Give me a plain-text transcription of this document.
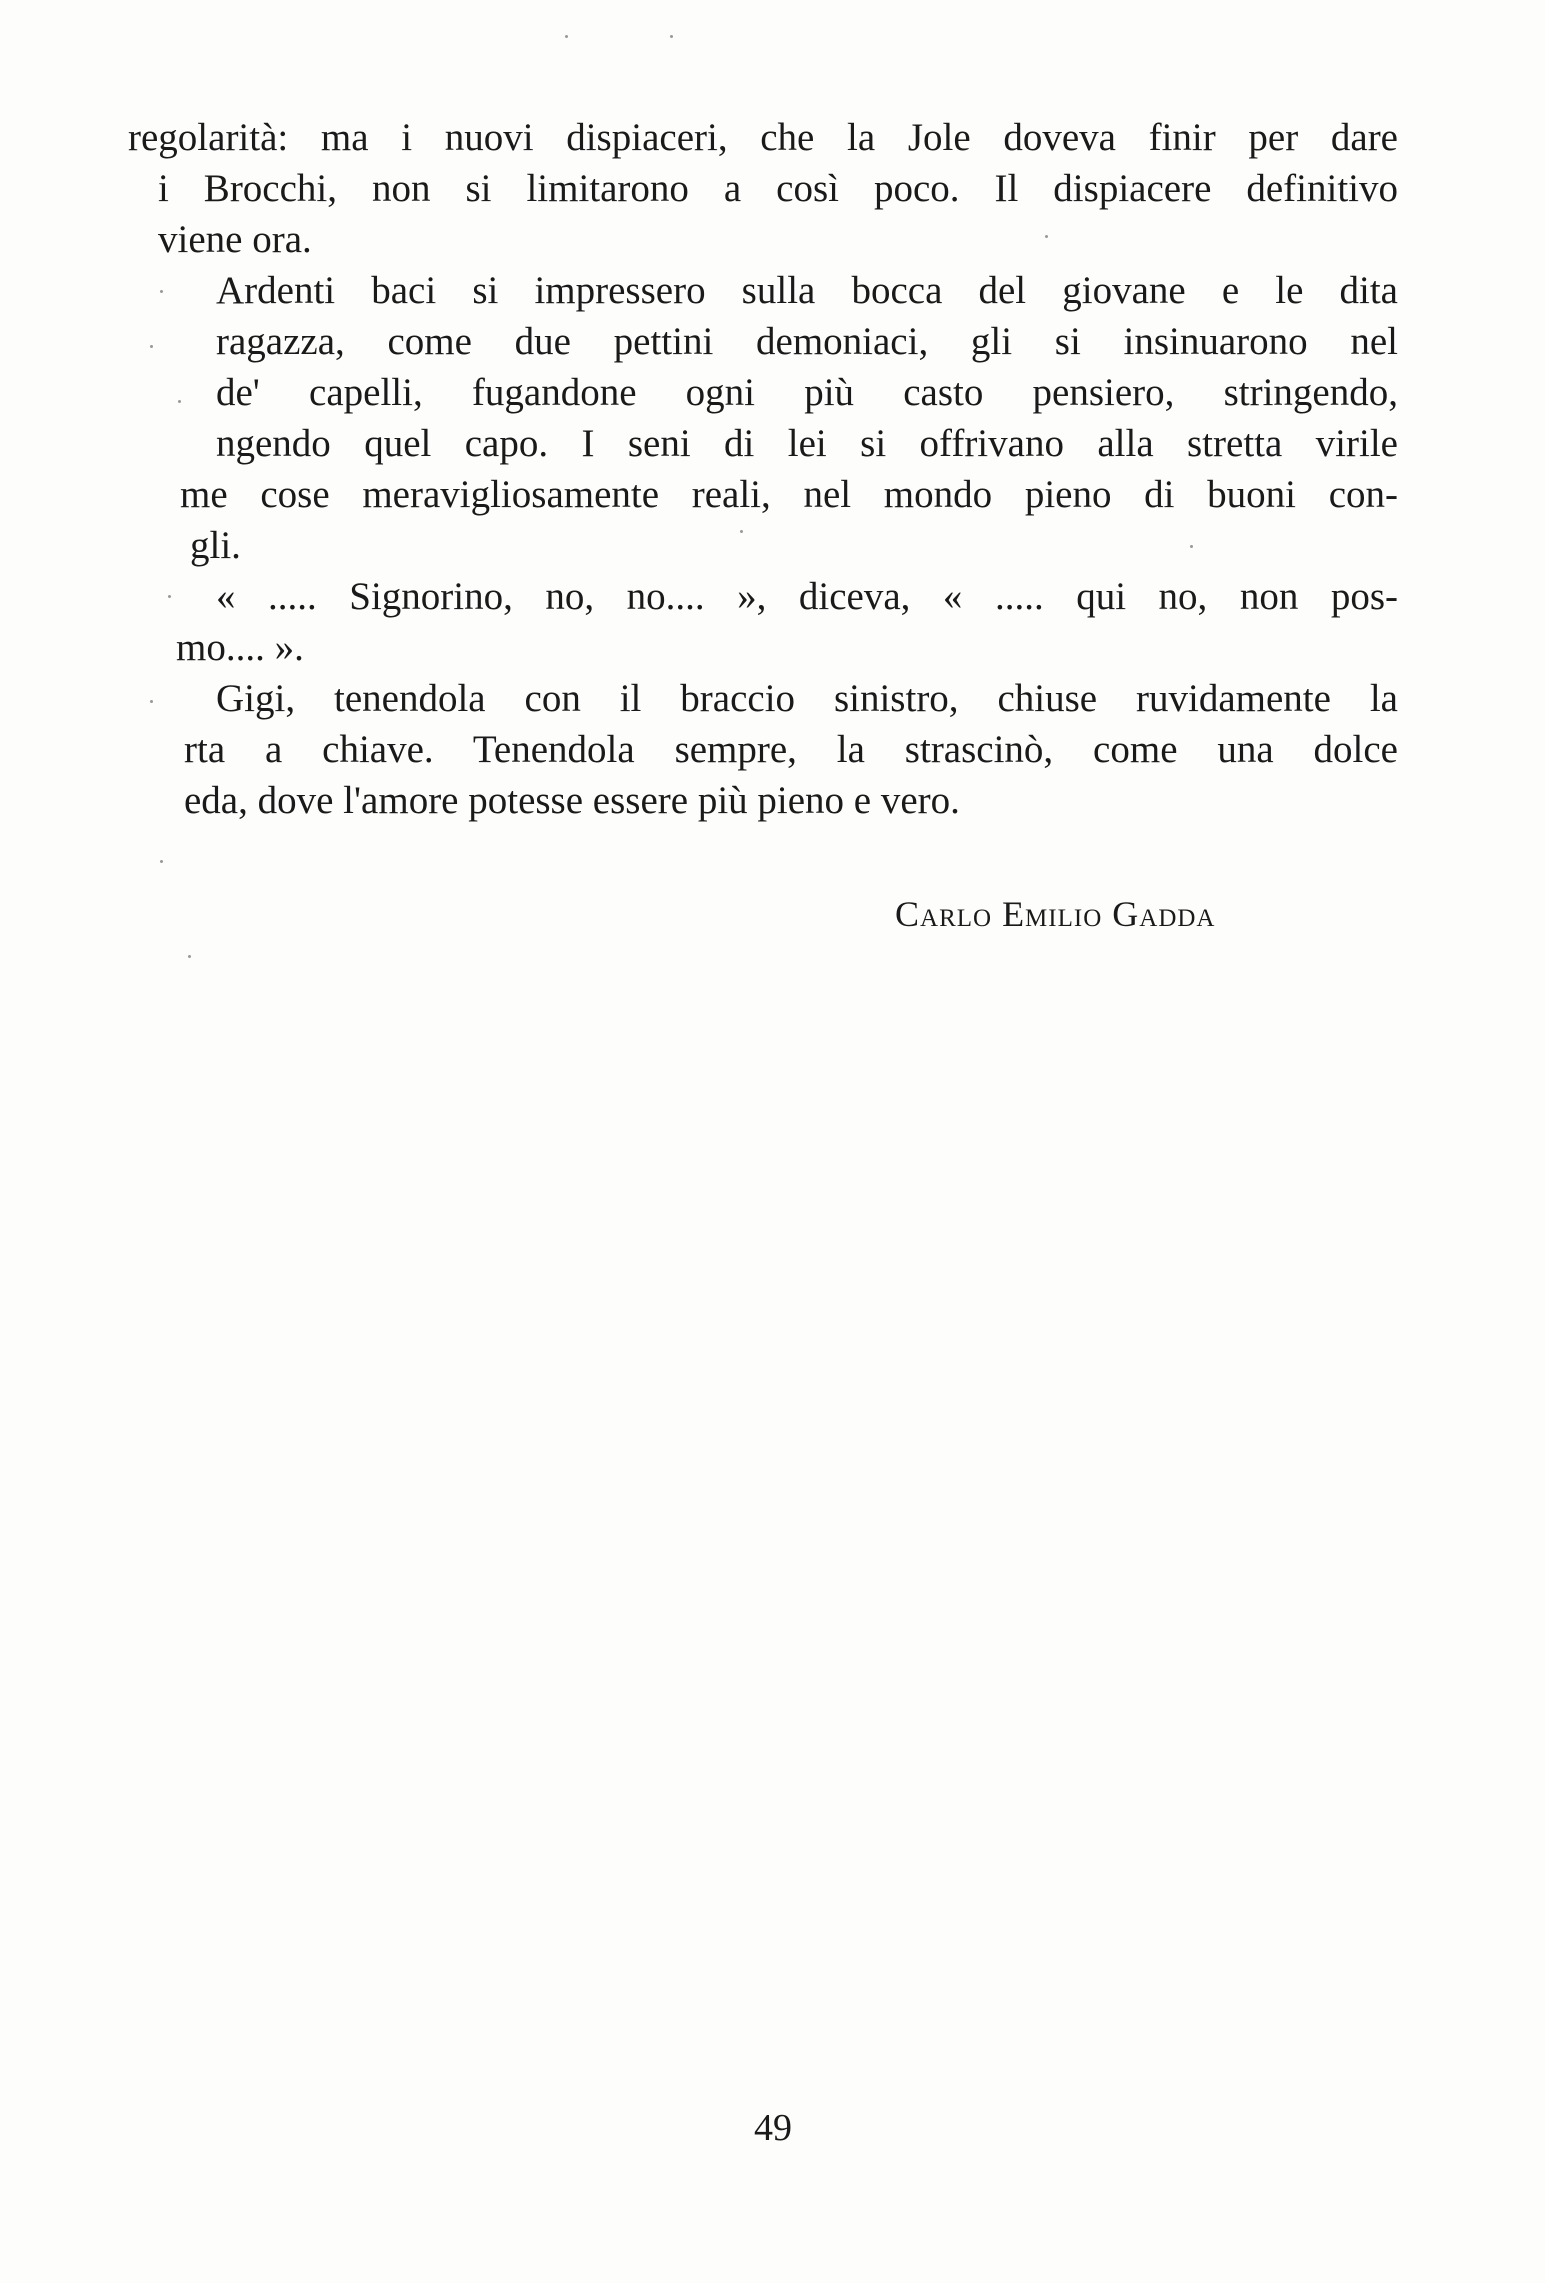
regolarità: ma i nuovi dispiaceri, che la Jole doveva finir per dare
i Brocchi, non si limitarono a così poco. Il dispiacere definitivo
viene ora.
Ardenti baci si impressero sulla bocca del giovane e le dita
ragazza, come due pettini demoniaci, gli si insinuarono nel
de' capelli, fugandone ogni più casto pensiero, stringendo,
ngendo quel capo. I seni di lei si offrivano alla stretta virile
me cose meravigliosamente reali, nel mondo pieno di buoni con-
gli.
« ..... Signorino, no, no.... », diceva, « ..... qui no, non pos-
mo.... ».
Gigi, tenendola con il braccio sinistro, chiuse ruvidamente la
rta a chiave. Tenendola sempre, la strascinò, come una dolce
eda, dove l'amore potesse essere più pieno e vero.
Carlo Emilio Gadda
49
